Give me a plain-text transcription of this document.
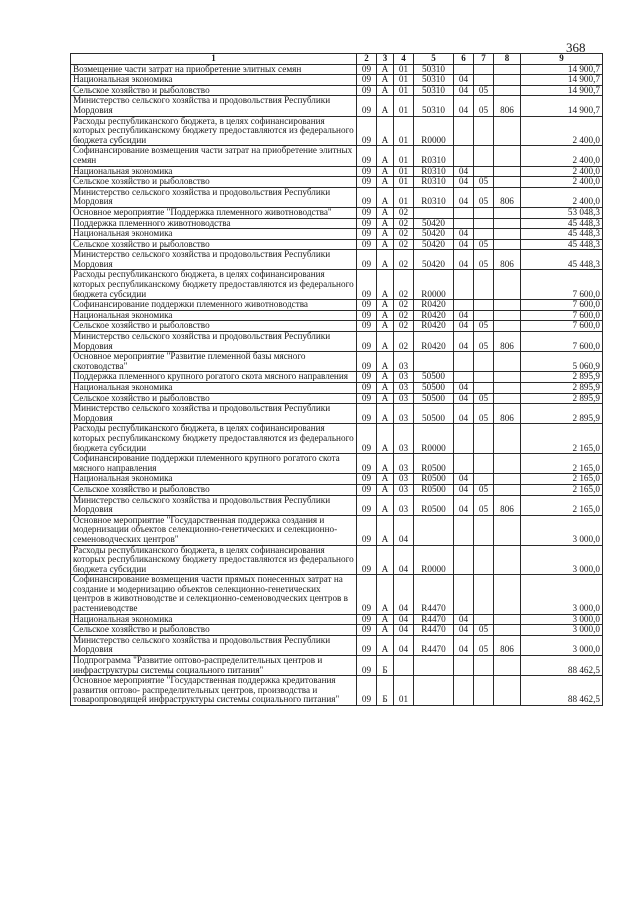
368
1	2	3	4	5	6	7	8	9
Возмещение части затрат на приобретение элитных семян	09	А	01	50310				14 900,7
Национальная экономика	09	А	01	50310	04			14 900,7
Сельское хозяйство и рыболовство	09	А	01	50310	04	05		14 900,7
Министерство сельского хозяйства и продовольствия Республики Мордовия	09	А	01	50310	04	05	806	14 900,7
Расходы республиканского бюджета, в целях софинансирования которых республиканскому бюджету предоставляются из федерального бюджета субсидии	09	А	01	R0000				2 400,0
Софинансирование возмещения части затрат на приобретение элитных семян	09	А	01	R0310				2 400,0
Национальная экономика	09	А	01	R0310	04			2 400,0
Сельское хозяйство и рыболовство	09	А	01	R0310	04	05		2 400,0
Министерство сельского хозяйства и продовольствия Республики Мордовия	09	А	01	R0310	04	05	806	2 400,0
Основное мероприятие "Поддержка племенного животноводства"	09	А	02					53 048,3
Поддержка племенного животноводства	09	А	02	50420				45 448,3
Национальная экономика	09	А	02	50420	04			45 448,3
Сельское хозяйство и рыболовство	09	А	02	50420	04	05		45 448,3
Министерство сельского хозяйства и продовольствия Республики Мордовия	09	А	02	50420	04	05	806	45 448,3
Расходы республиканского бюджета, в целях софинансирования которых республиканскому бюджету предоставляются из федерального бюджета субсидии	09	А	02	R0000				7 600,0
Софинансирование поддержки племенного животноводства	09	А	02	R0420				7 600,0
Национальная экономика	09	А	02	R0420	04			7 600,0
Сельское хозяйство и рыболовство	09	А	02	R0420	04	05		7 600,0
Министерство сельского хозяйства и продовольствия Республики Мордовия	09	А	02	R0420	04	05	806	7 600,0
Основное мероприятие "Развитие племенной базы мясного скотоводства"	09	А	03					5 060,9
Поддержка племенного крупного рогатого скота мясного направления	09	А	03	50500				2 895,9
Национальная экономика	09	А	03	50500	04			2 895,9
Сельское хозяйство и рыболовство	09	А	03	50500	04	05		2 895,9
Министерство сельского хозяйства и продовольствия Республики Мордовия	09	А	03	50500	04	05	806	2 895,9
Расходы республиканского бюджета, в целях софинансирования которых республиканскому бюджету предоставляются из федерального бюджета субсидии	09	А	03	R0000				2 165,0
Софинансирование поддержки племенного крупного рогатого скота мясного направления	09	А	03	R0500				2 165,0
Национальная экономика	09	А	03	R0500	04			2 165,0
Сельское хозяйство и рыболовство	09	А	03	R0500	04	05		2 165,0
Министерство сельского хозяйства и продовольствия Республики Мордовия	09	А	03	R0500	04	05	806	2 165,0
Основное мероприятие "Государственная поддержка создания и модернизации объектов селекционно-генетических и селекционно-семеноводческих центров"	09	А	04					3 000,0
Расходы республиканского бюджета, в целях софинансирования которых республиканскому бюджету предоставляются из федерального бюджета субсидии	09	А	04	R0000				3 000,0
Софинансирование возмещения части прямых понесенных затрат на создание и модернизацию объектов селекционно-генетических центров в животноводстве и селекционно-семеноводческих центров в растениеводстве	09	А	04	R4470				3 000,0
Национальная экономика	09	А	04	R4470	04			3 000,0
Сельское хозяйство и рыболовство	09	А	04	R4470	04	05		3 000,0
Министерство сельского хозяйства и продовольствия Республики Мордовия	09	А	04	R4470	04	05	806	3 000,0
Подпрограмма "Развитие оптово-распределительных центров и инфраструктуры системы социального питания"	09	Б						88 462,5
Основное мероприятие "Государственная поддержка кредитования развития оптово- распределительных центров, производства и товаропроводящей инфраструктуры системы социального питания"	09	Б	01					88 462,5
